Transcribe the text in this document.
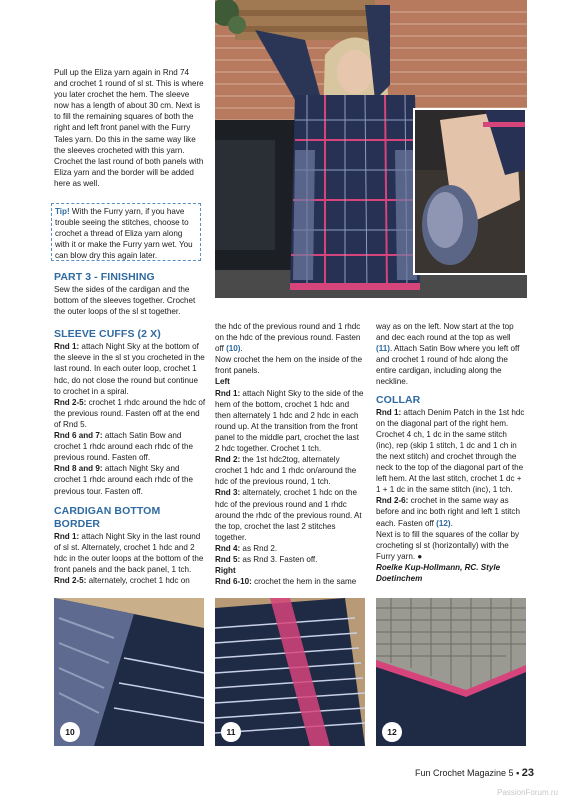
Pull up the Eliza yarn again in Rnd 74 and crochet 1 round of sl st. This is where you later crochet the hem. The sleeve now has a length of about 30 cm. Next is to fill the remaining squares of both the right and left front panel with the Furry Tales yarn. Do this in the same way like the sleeves crocheted with this yarn. Crochet the last round of both panels with Eliza yarn and the border will be added here as well.

Tip! With the Furry yarn, if you have trouble seeing the stitches, choose to crochet a thread of Eliza yarn along with it or make the Furry yarn wet. You can blow dry this again later.

PART 3 - FINISHING

Sew the sides of the cardigan and the bottom of the sleeves together. Crochet the outer loops of the sl st together.

SLEEVE CUFFS (2 X)

Rnd 1: attach Night Sky at the bottom of the sleeve in the sl st you crocheted in the last round. In each outer loop, crochet 1 hdc, do not close the round but continue to crochet in a spiral.

Rnd 2-5: crochet 1 rhdc around the hdc of the previous round. Fasten off at the end of Rnd 5.

Rnd 6 and 7: attach Satin Bow and crochet 1 rhdc around each rhdc of the previous round. Fasten off.

Rnd 8 and 9: attach Night Sky and crochet 1 rhdc around each rhdc of the previous tour. Fasten off.

CARDIGAN BOTTOM BORDER

Rnd 1: attach Night Sky in the last round of sl st. Alternately, crochet 1 hdc and 2 hdc in the outer loops at the bottom of the front panels and the back panel, 1 tch.

Rnd 2-5: alternately, crochet 1 hdc on

the hdc of the previous round and 1 rhdc on the hdc of the previous round. Fasten off (10).

Now crochet the hem on the inside of the front panels.

Left

Rnd 1: attach Night Sky to the side of the hem of the bottom, crochet 1 hdc and then alternately 1 hdc and 2 hdc in each round up. At the transition from the front panel to the middle part, crochet the last 2 hdc together. Crochet 1 tch.

Rnd 2: the 1st hdc2tog, alternately crochet 1 hdc and 1 rhdc on/around the hdc of the previous round, 1 tch.

Rnd 3: alternately, crochet 1 hdc on the hdc of the previous round and 1 rhdc around the rhdc of the previous round. At the top, crochet the last 2 stitches together.

Rnd 4: as Rnd 2.

Rnd 5: as Rnd 3. Fasten off.

Right

Rnd 6-10: crochet the hem in the same

way as on the left. Now start at the top and dec each round at the top as well (11). Attach Satin Bow where you left off and crochet 1 round of hdc along the entire cardigan, including along the neckline.

COLLAR

Rnd 1: attach Denim Patch in the 1st hdc on the diagonal part of the right hem. Crochet 4 ch, 1 dc in the same stitch (inc), rep (skip 1 stitch, 1 dc and 1 ch in the next stitch) and crochet through the neck to the top of the diagonal part of the left hem. At the last stitch, crochet 1 dc + 1 + 1 dc in the same stitch (inc), 1 tch.

Rnd 2-6: crochet in the same way as before and inc both right and left 1 stitch each. Fasten off (12).

Next is to fill the squares of the collar by crocheting sl st (horizontally) with the Furry yarn. ●

Roelke Kup-Hollmann, RC. Style Doetinchem

10	11	12
Fun Crochet Magazine 5 • 23
PassionForum.ru
